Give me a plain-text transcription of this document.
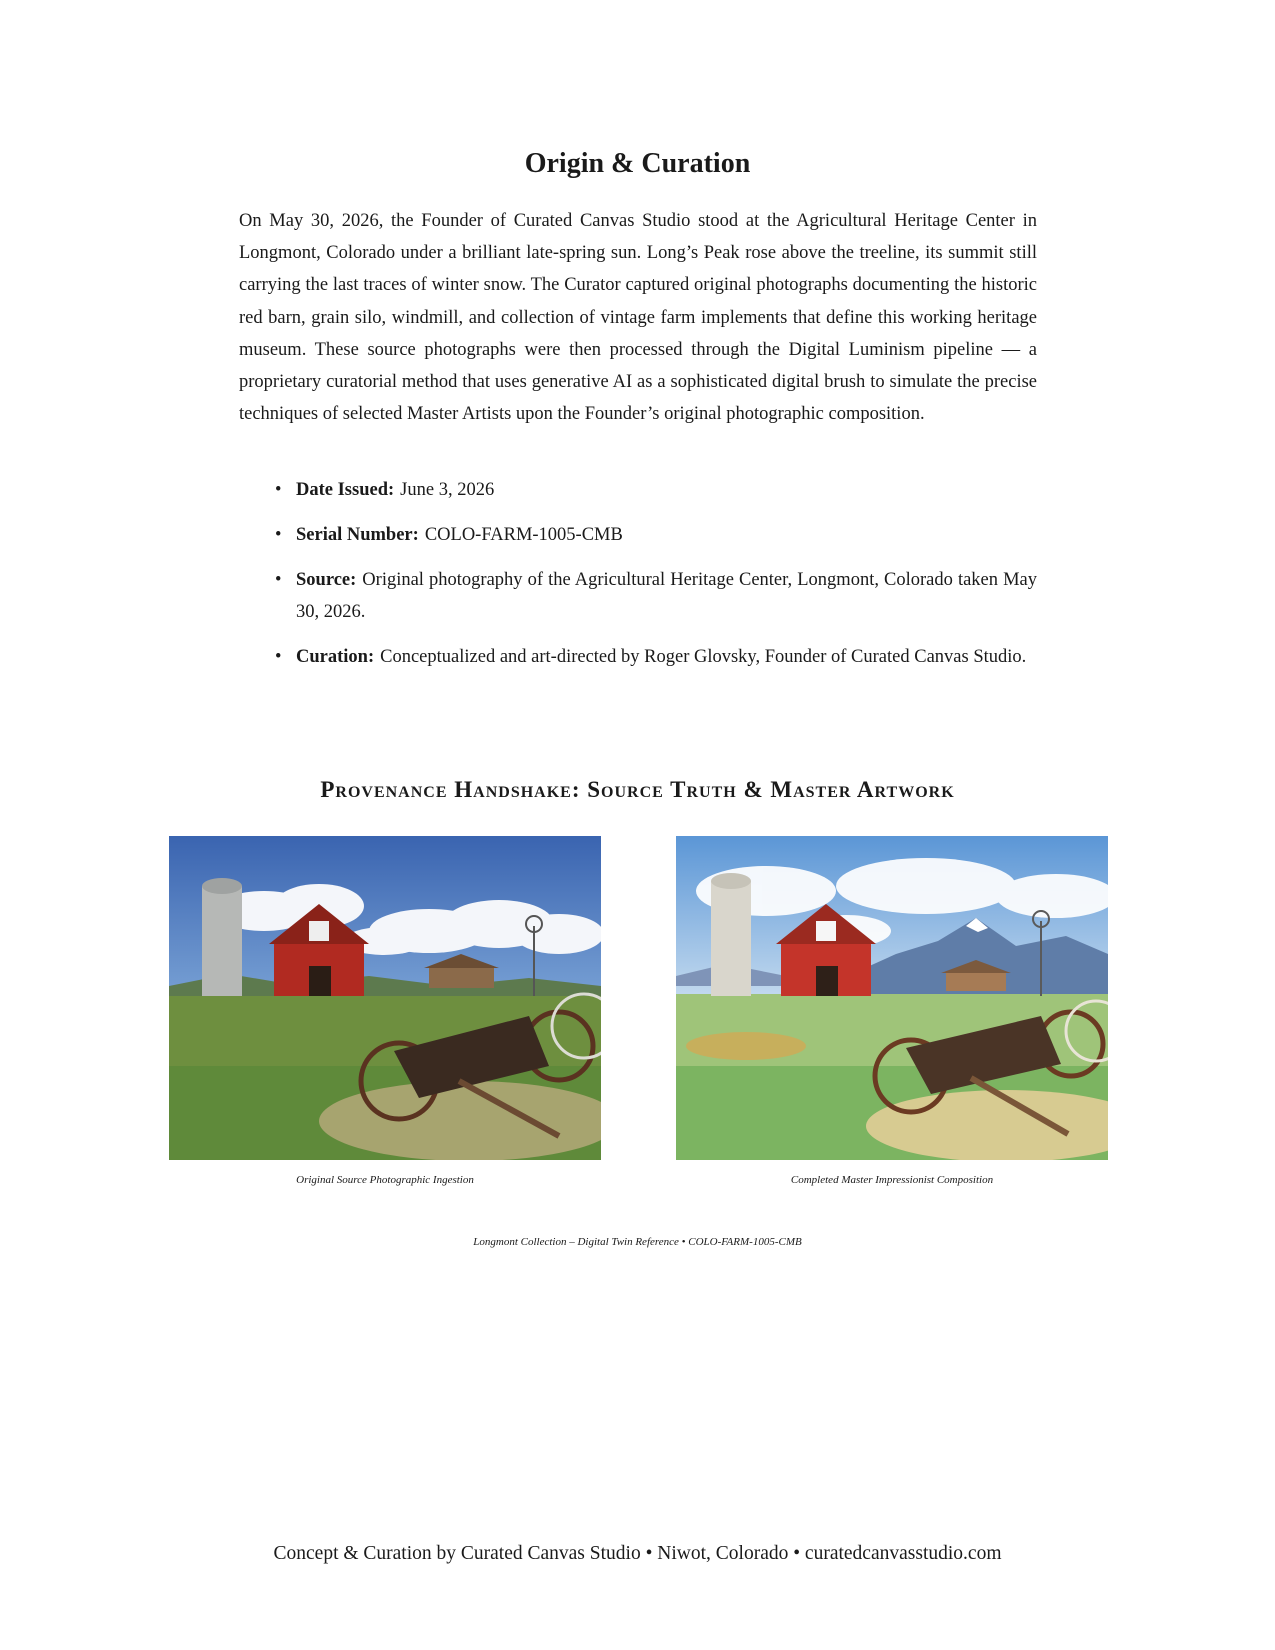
Origin & Curation

On May 30, 2026, the Founder of Curated Canvas Studio stood at the Agricultural Heritage Center in Longmont, Colorado under a brilliant late-spring sun. Long’s Peak rose above the treeline, its summit still carrying the last traces of winter snow. The Curator captured original photographs documenting the historic red barn, grain silo, windmill, and collection of vintage farm implements that define this working heritage museum. These source photographs were then processed through the Digital Luminism pipeline — a proprietary curatorial method that uses generative AI as a sophisticated digital brush to simulate the precise techniques of selected Master Artists upon the Founder’s original photographic composition.

• Date Issued: June 3, 2026
• Serial Number: COLO-FARM-1005-CMB
• Source: Original photography of the Agricultural Heritage Center, Longmont, Colorado taken May 30, 2026.
• Curation: Conceptualized and art-directed by Roger Glovsky, Founder of Curated Canvas Studio.
Provenance Handshake: Source Truth & Master Artwork
Original Source Photographic Ingestion	Completed Master Impressionist Composition
Longmont Collection – Digital Twin Reference • COLO-FARM-1005-CMB
Concept & Curation by Curated Canvas Studio • Niwot, Colorado • curatedcanvasstudio.com
